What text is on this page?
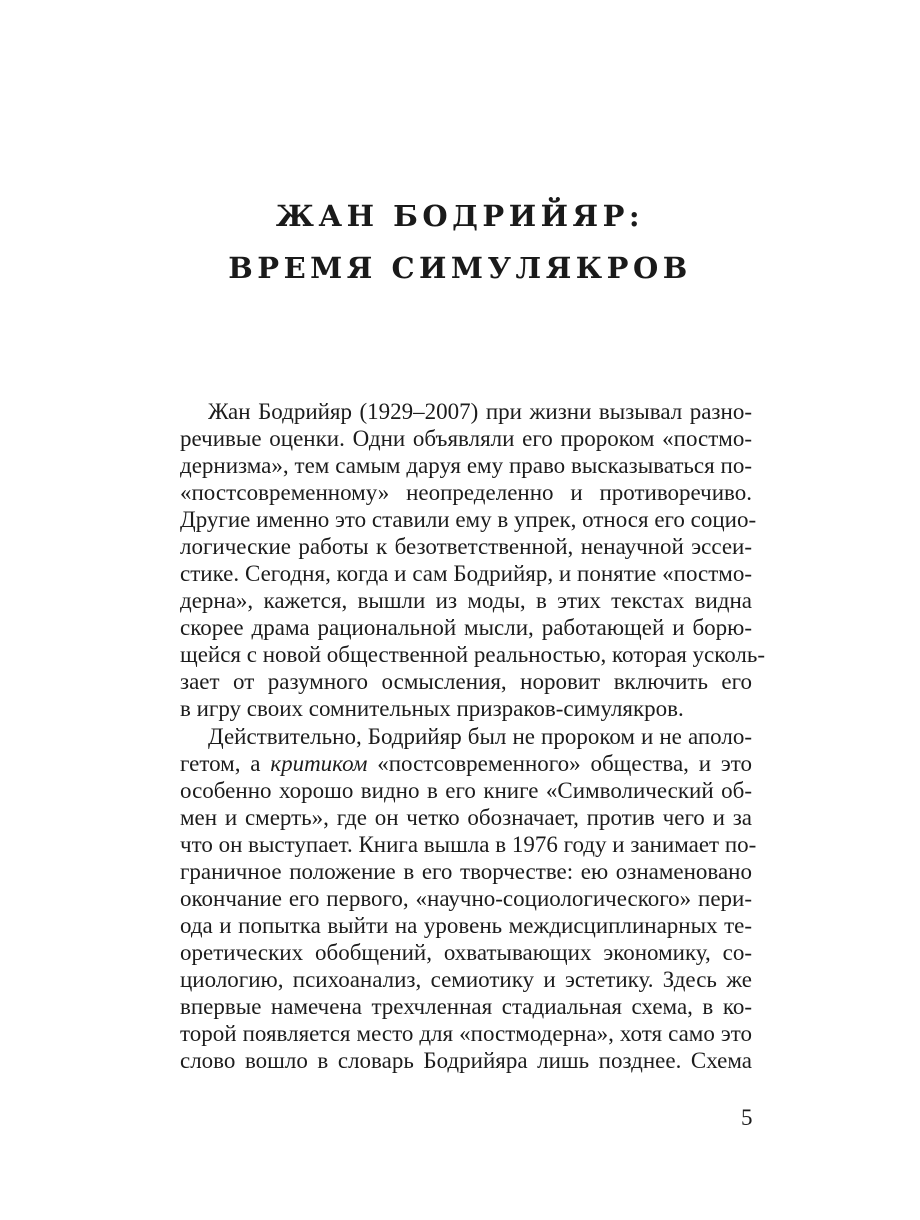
ЖАН БОДРИЙЯР:
ВРЕМЯ СИМУЛЯКРОВ
Жан Бодрийяр (1929–2007) при жизни вызывал разно-
речивые оценки. Одни объявляли его пророком «постмо-
дернизма», тем самым даруя ему право высказываться по-
«постсовременному» неопределенно и противоречиво.
Другие именно это ставили ему в упрек, относя его социо-
логические работы к безответственной, ненаучной эссеи-
стике. Сегодня, когда и сам Бодрийяр, и понятие «постмо-
дерна», кажется, вышли из моды, в этих текстах видна
скорее драма рациональной мысли, работающей и борю-
щейся с новой общественной реальностью, которая усколь-
зает от разумного осмысления, норовит включить его
в игру своих сомнительных призраков-симулякров.
Действительно, Бодрийяр был не пророком и не аполо-
гетом, а критиком «постсовременного» общества, и это
особенно хорошо видно в его книге «Символический об-
мен и смерть», где он четко обозначает, против чего и за
что он выступает. Книга вышла в 1976 году и занимает по-
граничное положение в его творчестве: ею ознаменовано
окончание его первого, «научно-социологического» пери-
ода и попытка выйти на уровень междисциплинарных те-
оретических обобщений, охватывающих экономику, со-
циологию, психоанализ, семиотику и эстетику. Здесь же
впервые намечена трехчленная стадиальная схема, в ко-
торой появляется место для «постмодерна», хотя само это
слово вошло в словарь Бодрийяра лишь позднее. Схема
5
